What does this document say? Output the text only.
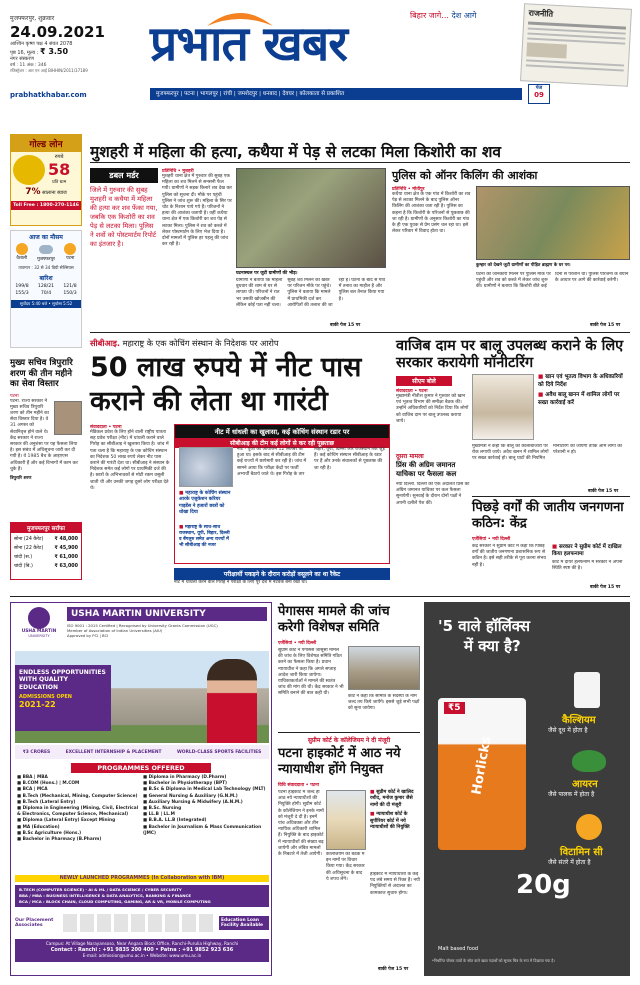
मुजफ्फरपुर, शुक्रवार
24.09.2021
आश्विन कृष्ण पक्ष 4 संवत 2078
पृष्ठ 16, मूल्य : ₹ 3.50
नगर संस्करण
वर्ष : 11 अंक : 346
रजिस्ट्रेशन : आर एन आई BIHHIN/2011/37189	प्रभात खबर
बिहार जागे... देश आगे	राजनीति
prabhatkhabar.com	मुजफ्फरपुर | पटना | भागलपुर | रांची | जमशेदपुर | धनबाद | देवघर | कोलकाता से प्रकाशित
पेज
09
गोल्ड लोन
रुपये
58
प्रति ग्राम
7% सालाना ब्याज
Toll Free : 1800-270-1146
आज का मौसम
वैशाली मुजफ्फरपुर	पटना
तापमान : 32 से 34 डिग्री सेल्सियस
बारिश
199/8	128/21	121/8
155/3	70/4	150/3
सूर्योदय 5:40 बजे • सूर्यास्त 5:52
मुख्य सचिव त्रिपुरारि शरण की तीन महीने का सेवा विस्तार
पटना

पटना. राज्य सरकार ने मुख्य सचिव त्रिपुरारि शरण को तीन महीने का सेवा विस्तार दिया है। वे 31 अगस्त को सेवानिवृत्त होने वाले थे। केंद्र सरकार ने राज्य सरकार की अनुशंसा पर यह फैसला लिया है। इस संबंध में अधिसूचना जारी कर दी गयी है। वे 1985 बैच के आइएएस अधिकारी हैं और कई विभागों में काम कर चुके हैं।

त्रिपुरारि शरण
मुजफ्फरपुर सर्राफा
सोना (24 कैरेट) ₹ 48,000
सोना (22 कैरेट) ₹ 45,900
चांदी (स.)	₹ 61,000
चांदी (बि.)	₹ 63,000
मुशहरी में महिला की हत्या, कथैया में पेड़ से लटका मिला किशोरी का शव
डबल मर्डर
जिले में गुरुवार की सुबह मुशहरी व कथैया में महिला की हत्या कर शव फेंका गया, जबकि एक किशोरी का शव पेड़ से लटका मिला। पुलिस ने शवों को पोस्टमार्टम रिपोर्ट का इंतजार है।
प्रतिनिधि • मुशहरी

मुशहरी थाना क्षेत्र में गुरुवार की सुबह एक महिला का शव मिलने से सनसनी फैल गयी। ग्रामीणों ने सड़क किनारे शव देख कर पुलिस को सूचना दी। मौके पर पहुंची पुलिस ने जांच शुरू की। महिला के सिर पर चोट के निशान पाये गये हैं। परिजनों ने हत्या की आशंका जतायी है। वहीं कथैया थाना क्षेत्र में एक किशोरी का शव पेड़ से लटका मिला। पुलिस ने शव को कब्जे में लेकर पोस्टमार्टम के लिए भेज दिया है। दोनों मामलों में पुलिस हर पहलू की जांच कर रही है।

घटनास्थल पर जुटी ग्रामीणों की भीड़।

ग्रामीणों ने बताया कि महिला बुधवार की शाम से घर से लापता थी। परिजनों ने रात भर उसकी खोजबीन की लेकिन कोई पता नहीं चला। सुबह शव मिलने की खबर पर परिजन मौके पर पहुंचे। पुलिस ने बताया कि मामले में प्राथमिकी दर्ज कर आरोपितों की तलाश की जा रही है। घटना के बाद से गांव में तनाव का माहौल है और पुलिस बल तैनात किया गया है।

बाकी पेज 15 पर
पुलिस को ऑनर किलिंग की आशंका
प्रतिनिधि • मोतीपुर

कथैया थाना क्षेत्र के एक गांव में किशोरी का शव पेड़ से लटका मिलने के बाद पुलिस ऑनर किलिंग की आशंका जता रही है। पुलिस का कहना है कि किशोरी के परिजनों से पूछताछ की जा रही है। ग्रामीणों के अनुसार किशोरी का गांव के ही एक युवक से प्रेम प्रसंग चल रहा था। इसे लेकर परिवार में विवाद होता था।

कुम्हार को देखने जुटी ग्रामीणों का पीड़ित ब्राह्मण के घर पर।

घटना की जानकारी मिलने पर पुलिस मौके पर पहुंची और शव को कब्जे में लेकर जांच शुरू की। ग्रामीणों ने बताया कि किशोरी बीते कई दिनों से परेशान थी। पुलिस परिजनों के बयान के आधार पर आगे की कार्रवाई करेगी।

बाकी पेज 15 पर
सीबीआइ. महाराष्ट्र के एक कोचिंग संस्थान के निदेशक पर आरोप
50 लाख रुपये में नीट पास
कराने की लेता था गारंटी
संवाददाता • पटना

मेडिकल प्रवेश के लिए होने वाली राष्ट्रीय पात्रता सह प्रवेश परीक्षा (नीट) में धांधली कराने वाले गिरोह का सीबीआइ ने खुलासा किया है। जांच में पता चला है कि महाराष्ट्र के एक कोचिंग संस्थान का निदेशक 50 लाख रुपये लेकर नीट पास कराने की गारंटी देता था। सीबीआइ ने संस्थान के निदेशक समेत कई लोगों पर प्राथमिकी दर्ज की है। छात्रों के अभिभावकों से मोटी रकम वसूली जाती थी और उनकी जगह दूसरे लोग परीक्षा देते थे।

नीट में धांधली का खुलासा, कई कोचिंग संस्थान रडार पर
सीबीआइ की टीम कई लोगों से कर रही पूछताछ
■ महाराष्ट्र के कोचिंग संस्थान आरके एजुकेशन करियर गाइडेंस ने हजारों छात्रों को धोखा दिया

नीट - यूजी का आयोजन 12 सितंबर को हुआ था। इसके बाद से सीबीआइ की टीम कई राज्यों में छापेमारी कर रही है। जांच में सामने आया कि परीक्षा केंद्रों पर फर्जी अभ्यर्थी बैठाये जाते थे। इस गिरोह के तार बिहार, यूपी, दिल्ली और राजस्थान तक जुड़े हैं। कई कोचिंग संस्थान सीबीआइ के रडार पर हैं और उनके संचालकों से पूछताछ की जा रही है।

■ महाराष्ट्र के साथ-साथ राजस्थान, यूपी, बिहार, दिल्ली व बेंगलुरु समेत अन्य राज्यों में भी सीबीआइ की नजर
परीक्षार्थी पकड़ने के दौरान करोड़ों वसूलने का था रैकेट

नीट में धांधली करने वाले गिरोह ने परीक्षा के लिए पूरे देश में नेटवर्क बना रखा था।

वाजिब दाम पर बालू उपलब्ध कराने के लिए सरकार करायेगी मॉनीटरिंग
सीएम बोले
■ खान एवं भूतत्व विभाग के अधिकारियों को दिये निर्देश
■ अवैध बालू खनन में शामिल लोगों पर सख्त कार्रवाई करें
संवाददाता • पटना

मुख्यमंत्री नीतीश कुमार ने गुरुवार को खान एवं भूतत्व विभाग की समीक्षा बैठक की। उन्होंने अधिकारियों को निर्देश दिया कि लोगों को वाजिब दाम पर बालू उपलब्ध कराया जाये।

मुख्यमंत्री ने कहा कि बालू की कालाबाजारी पर रोक लगायी जाये। अवैध खनन में शामिल लोगों पर सख्त कार्रवाई हो। बालू घाटों की नियमित मॉनीटरिंग की जायेगी ताकि आम लोगों को परेशानी न हो।

दूसरा मामला
प्रिंस की अग्रिम जमानत याचिका पर फैसला कल

नयी दिल्ली. दिल्ली की एक अदालत प्रिंस की अग्रिम जमानत याचिका पर कल फैसला सुनायेगी। सुनवाई के दौरान दोनों पक्षों ने अपनी दलीलें पेश कीं।

बाकी पेज 15 पर
पिछड़े वर्गों की जातीय जनगणना कठिन: केंद्र
एजेंसियां • नयी दिल्ली

केंद्र सरकार ने सुप्रीम कोर्ट में कहा कि पिछड़े वर्गों की जातीय जनगणना प्रशासनिक रूप से कठिन है। इसे सही तरीके से पूरा करना संभव नहीं है।

■ सरकार ने सुप्रीम कोर्ट में दाखिल किया हलफनामा

कोर्ट में दायर हलफनामे में सरकार ने अपनी स्थिति स्पष्ट की है।

बाकी पेज 15 पर
USHA MARTIN
UNIVERSITY
USHA MARTIN UNIVERSITY
ISO 9001 : 2015 Certified | Recognised by University Grants Commission (UGC)
Member of Association of Indian Universities (AIU)
Approved by PCI | BCI
ENDLESS OPPORTUNITIES WITH QUALITY EDUCATION
ADMISSIONS OPEN
2021-22
₹3 CRORES	EXCELLENT INTERNSHIP & PLACEMENT	WORLD-CLASS SPORTS FACILITIES
PROGRAMMES OFFERED
■ BBA | MBA
■ B.COM (Hons.) | M.COM
■ BCA | MCA
■ B.Tech (Mechanical, Mining, Computer Science)
■ B.Tech (Lateral Entry)
■ Diploma in Engineering (Mining, Civil, Electrical & Electronics, Computer Science, Mechanical)
■ Diploma (Lateral Entry) Except Mining
■ MA (Education)
■ B.Sc Agriculture (Hons.)
■ Bachelor in Pharmacy (B.Pharm)
■ Diploma in Pharmacy (D.Pharm)
■ Bachelor in Physiotherapy (BPT)
■ B.Sc & Diploma in Medical Lab Technology (MLT)
■ General Nursing & Auxiliary (G.N.M.)
■ Auxiliary Nursing & Midwifery (A.N.M.)
■ B.Sc. Nursing
■ LL.B | LL.M
■ B.B.A. LL.B (Integrated)
■ Bachelor in Journalism & Mass Communication (JMC)
NEWLY LAUNCHED PROGRAMMES (In Collaboration with IBM)
B.TECH (COMPUTER SCIENCE) - AI & ML / DATA SCIENCE / CYBER SECURITY
BBA / MBA : BUSINESS INTELLIGENCE & DATA ANALYTICS, BANKING & FINANCE
BCA / MCA : BLOCK CHAIN, CLOUD COMPUTING, GAMING, AR & VR, MOBILE COMPUTING
Our Placement Associates
Education Loan Facility Available
Campus: At Village Narayansoso, Near Angara Block Office, Ranchi-Purulia Highway, Ranchi
Contact : Ranchi : +91 9835 200 400 • Patna : +91 9852 923 636
E-mail: admission@umu.ac.in • Website: www.umu.ac.in
पेगासस मामले की जांच करेगी विशेषज्ञ समिति
एजेंसियां • नयी दिल्ली

सुप्रीम कोर्ट ने पेगासस जासूसी मामले की जांच के लिए विशेषज्ञ समिति गठित करने का फैसला किया है। प्रधान न्यायाधीश ने कहा कि अगले सप्ताह आदेश जारी किया जायेगा। याचिकाकर्ताओं ने मामले की स्वतंत्र जांच की मांग की थी। केंद्र सरकार ने भी समिति बनाने की बात कही थी।

कोर्ट ने कहा कि समिति के सदस्यों के नाम जल्द तय किये जायेंगे। इससे जुड़े सभी पक्षों को सुना जायेगा।

सुप्रीम कोर्ट के कॉलेजियम ने दी मंजूरी
पटना हाइकोर्ट में आठ नये न्यायाधीश होंगे नियुक्त
विधि संवाददाता • पटना

पटना हाइकोर्ट में जल्द ही आठ नये न्यायाधीशों की नियुक्ति होगी। सुप्रीम कोर्ट के कॉलेजियम ने इनके नामों को मंजूरी दे दी है। इनमें पांच अधिवक्ता और तीन न्यायिक अधिकारी शामिल हैं। नियुक्ति के बाद हाइकोर्ट में न्यायाधीशों की संख्या बढ़ जायेगी और लंबित मामलों के निबटारे में तेजी आयेगी। कॉलेजियम की बैठक में इन नामों पर विचार किया गया। केंद्र सरकार की अधिसूचना के बाद ये शपथ लेंगे।

■ सुप्रीम कोर्ट ने खालिद रशीद, मनोज कुमार जैसे नामों की दी मंजूरी
■ न्यायाधीश कोर्ट के सुपीरियर कोर्ट में नये न्यायाधीशों की नियुक्ति

हाइकोर्ट में न्यायाधीशों के कई पद लंबे समय से रिक्त हैं। नयी नियुक्तियों से अदालत का कामकाज सुचारु होगा।

बाकी पेज 15 पर
'5 वाले हॉर्लिक्स
में क्या है?
कैल्शियम
जैसे दूध में होता है
आयरन
जैसे पालक में होता है
विटामिन सी
जैसे संतरे में होता है
₹5
Horlicks
20g
Malt based food
*निर्धारित पोषक तत्वों के स्रोत वाले खाद्य पदार्थों को सूचक चित्र के रूप में दिखाया गया है।
